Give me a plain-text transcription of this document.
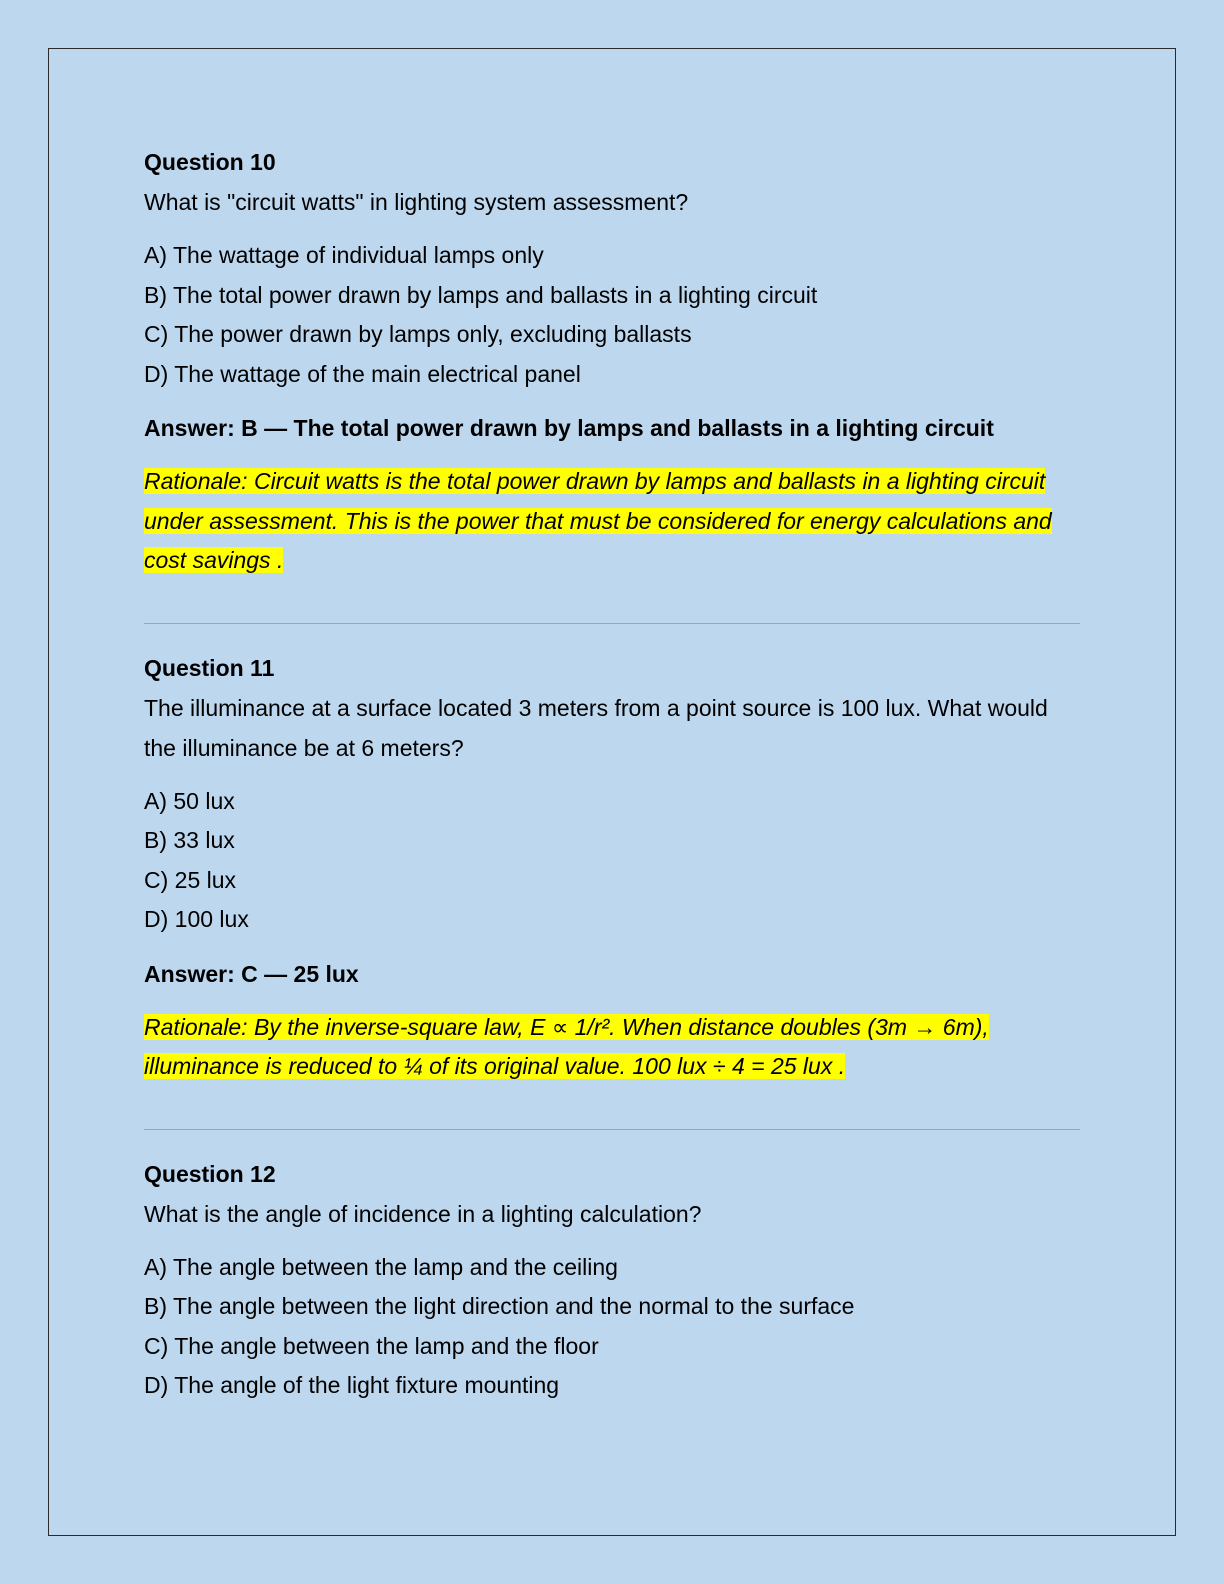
Question 10

What is "circuit watts" in lighting system assessment?

A) The wattage of individual lamps only
B) The total power drawn by lamps and ballasts in a lighting circuit
C) The power drawn by lamps only, excluding ballasts
D) The wattage of the main electrical panel

Answer: B — The total power drawn by lamps and ballasts in a lighting circuit

Rationale: Circuit watts is the total power drawn by lamps and ballasts in a lighting circuit under assessment. This is the power that must be considered for energy calculations and cost savings .

Question 11

The illuminance at a surface located 3 meters from a point source is 100 lux. What would the illuminance be at 6 meters?

A) 50 lux
B) 33 lux
C) 25 lux
D) 100 lux

Answer: C — 25 lux

Rationale: By the inverse-square law, E ∝ 1/r². When distance doubles (3m → 6m), illuminance is reduced to ¼ of its original value. 100 lux ÷ 4 = 25 lux .

Question 12

What is the angle of incidence in a lighting calculation?

A) The angle between the lamp and the ceiling
B) The angle between the light direction and the normal to the surface
C) The angle between the lamp and the floor
D) The angle of the light fixture mounting
